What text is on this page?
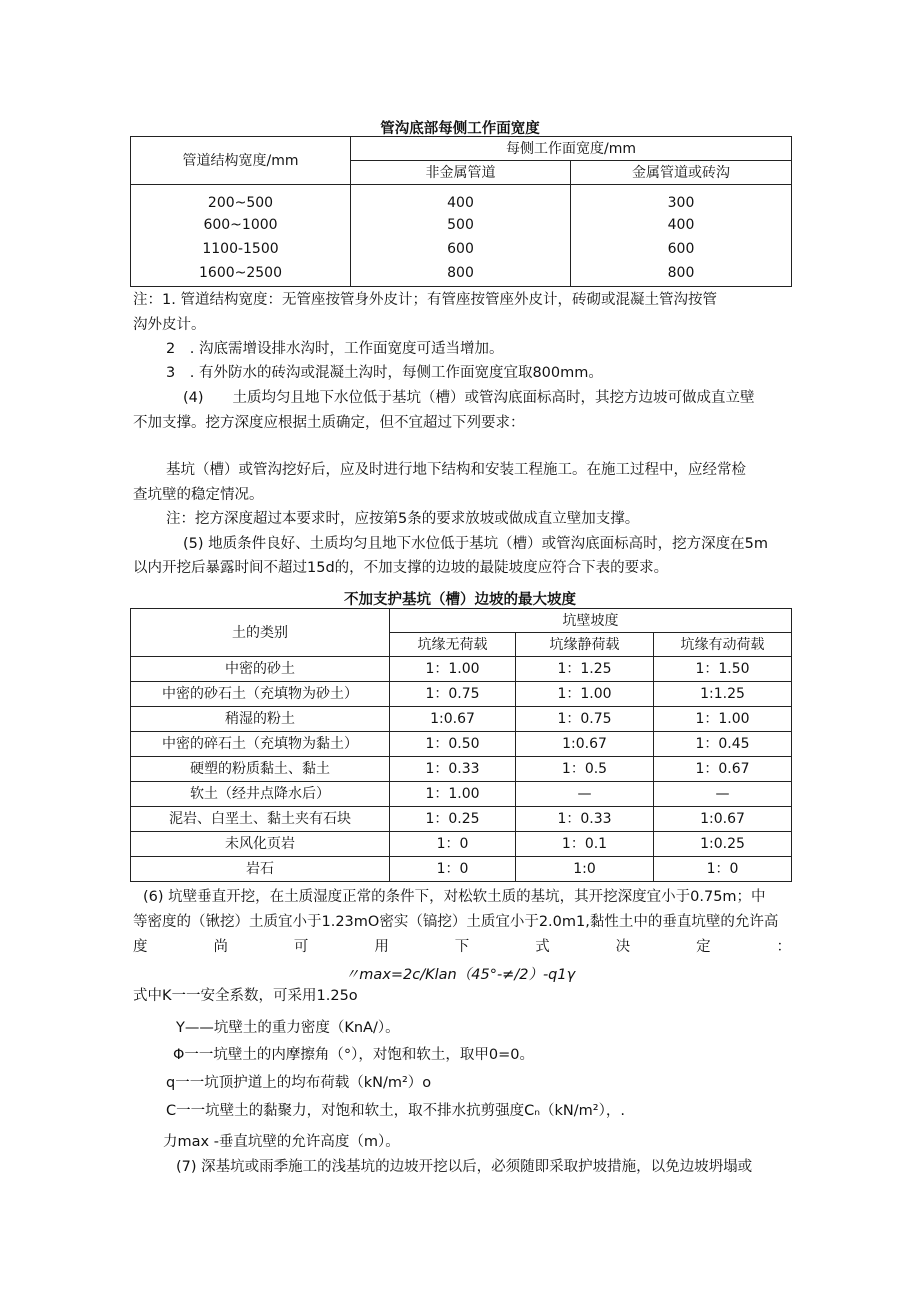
管沟底部每侧工作面宽度
管道结构宽度/mm	每侧工作面宽度/mm	
	非金属管道	金属管道或砖沟
200~500	400	300
600~1000	500	400
1100-1500	600	600
1600~2500	800	800
注：1. 管道结构宽度：无管座按管身外皮计；有管座按管座外皮计，砖砌或混凝土管沟按管
沟外皮计。
2　. 沟底需增设排水沟时，工作面宽度可适当增加。
3　. 有外防水的砖沟或混凝土沟时，每侧工作面宽度宜取800mm。
(4)　　土质均匀且地下水位低于基坑（槽）或管沟底面标高时，其挖方边坡可做成直立壁
不加支撑。挖方深度应根据土质确定，但不宜超过下列要求：
基坑（槽）或管沟挖好后，应及时进行地下结构和安装工程施工。在施工过程中，应经常检
查坑壁的稳定情况。
注：挖方深度超过本要求时，应按第5条的要求放坡或做成直立壁加支撑。
(5) 地质条件良好、土质均匀且地下水位低于基坑（槽）或管沟底面标高时，挖方深度在5m
以内开挖后暴露时间不超过15d的，不加支撑的边坡的最陡坡度应符合下表的要求。
不加支护基坑（槽）边坡的最大坡度
土的类别	坑壁坡度		
	坑缘无荷载	坑缘静荷载	坑缘有动荷载
中密的砂土	1：1.00	1：1.25	1：1.50
中密的砂石土（充填物为砂土）	1：0.75	1：1.00	1:1.25
稍湿的粉土	1:0.67	1：0.75	1：1.00
中密的碎石土（充填物为黏土）	1：0.50	1:0.67	1：0.45
硬塑的粉质黏土、黏土	1：0.33	1：0.5	1：0.67
软土（经井点降水后）	1：1.00	—	—
泥岩、白垩土、黏土夹有石块	1：0.25	1：0.33	1:0.67
未风化页岩	1：0	1：0.1	1:0.25
岩石	1：0	1:0	1：0
(6) 坑壁垂直开挖，在土质湿度正常的条件下，对松软土质的基坑，其开挖深度宜小于0.75m；中
等密度的（锹挖）土质宜小于1.23mO密实（镐挖）土质宜小于2.0m1,黏性土中的垂直坑壁的允许高
度	尚	可	用	下	式	决	定	：
〃max=2c∕Klan（45°-≠∕2）-q1γ
式中K一一安全系数，可采用1.25o
Y——坑壁土的重力密度（KnA/）。
Φ一一坑壁土的内摩擦角（°），对饱和软土，取甲0=0。
q一一坑顶护道上的均布荷载（kN∕m²）o
C一一坑壁土的黏聚力，对饱和软土，取不排水抗剪强度Cₙ（kN∕m²），.
力max -垂直坑壁的允许高度（m）。
(7) 深基坑或雨季施工的浅基坑的边坡开挖以后，必须随即采取护坡措施，以免边坡坍塌或
